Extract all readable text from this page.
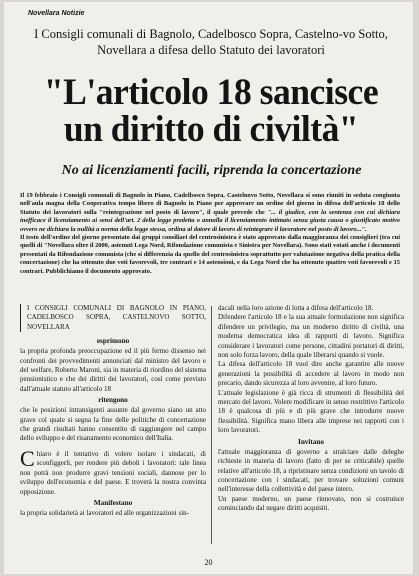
Novellara Notizie
I Consigli comunali di Bagnolo, Cadelbosco Sopra, Castelno-vo Sotto, Novellara a difesa dello Statuto dei lavoratori
"L'articolo 18 sancisce un diritto di civiltà"
No ai licenziamenti facili, riprenda la concertazione

Il 19 febbraio i Consigli comunali di Bagnolo in Piano, Cadelbosco Sopra, Castelnovo Sotto, Novellara si sono riuniti in seduta congiunta nell'aula magna della Cooperativa tempo libero di Bagnolo in Piano per approvare un ordine del giorno in difesa dell'articolo 18 dello Statuto dei lavoratori sulla "reintegrazione nel posto di lavoro", il quale prevede che "... il giudice, con la sentenza con cui dichiara inefficace il licenziamento ai sensi dell'art. 2 della legge predetta o annulla il licenziamento intimato senza giusta causa o giustificato motivo ovvero ne dichiara la nullità a norma della legge stessa, ordina al datore di lavoro di reintegrare il lavoratore nel posto di lavoro...".

Il testo dell'ordine del giorno presentato dai gruppi consiliari del centrosinistra è stato approvato dalla maggioranza dei consiglieri (tra cui quelli di "Novellara oltre il 2000, astenuti Lega Nord, Rifondazione comunista e Sinistra per Novellara). Sono stati votati anche i documenti presentati da Rifondazione comunista (che si differenzia da quello del centrosinistra soprattutto per valutazione negativa della pratica della concertazione) che ha ottenuto due voti favorevoli, tre contrari e 14 astensioni, e da Lega Nord che ha ottenuto quattro voti favorevoli e 15 contrari. Pubblichiamo il documento approvato.

I CONSIGLI COMUNALI DI BAGNOLO IN PIANO, CADELBOSCO SOPRA, CASTELNOVO SOTTO, NOVELLARA
esprimono

la propria profonda preoccupazione ed il più fermo dissenso nei confronti dei provvedimenti annunciati dal ministro del lavoro e del welfare, Roberto Maroni, sia in materia di riordino del sistema pensionistico e che dei diritti dei lavoratori, così come previsto dall'attuale statuto all'articolo 18

ritengono

che le posizioni intransigenti assunte dal governo siano un atto grave col quale si segna la fine delle politiche di concertazione che grandi risultati hanno consentito di raggiungere nel campo dello sviluppo e del risanamento economico dell'Italia.

Chiaro è il tentativo di volere isolare i sindacati, di sconfiggerli, per rendere più deboli i lavoratori: tale linea non potrà non produrre gravi tensioni sociali, dannose per lo sviluppo dell'economia e del paese. E troverà la nostra convinta opposizione.

Manifestano

la propria solidarietà ai lavoratori ed alle organizzazioni sin-

dacali nella loro azione di lotta a difesa dell'articolo 18.

Difendere l'articolo 18 e la sua attuale formulazione non significa difendere un privilegio, ma un moderno diritto di civiltà, una moderna democratica idea di rapporti di lavoro. Significa considerare i lavoratori come persone, cittadini portatori di diritti, non solo forza lavoro, della quale liberarsi quando si vuole.

La difesa dell'articolo 18 vuol dire anche garantire alle nuove generazioni la possibilità di accedere al lavoro in modo non precario, dando sicurezza al loro avvenire, al loro futuro.

L'attuale legislazione è già ricca di strumenti di flessibilità del mercato del lavoro. Volere modificare in senso restrittivo l'articolo 18 è qualcosa di più e di più grave che introdurre nuove flessibilità. Significa mano libera alle imprese nei rapporti con i loro lavoratori.

Invitano

l'attuale maggioranza di governo a stralciare dalle deleghe richieste in materia di lavoro (fatto di per se criticabile) quelle relative all'articolo 18, a ripristinare senza condizioni un tavolo di concertazione con i sindacati, per trovare soluzioni comuni nell'interesse della collettività e del paese intero.

Un paese moderno, un paese rinnovato, non si costruisce cominciando dal negare diritti acquisiti.

20
